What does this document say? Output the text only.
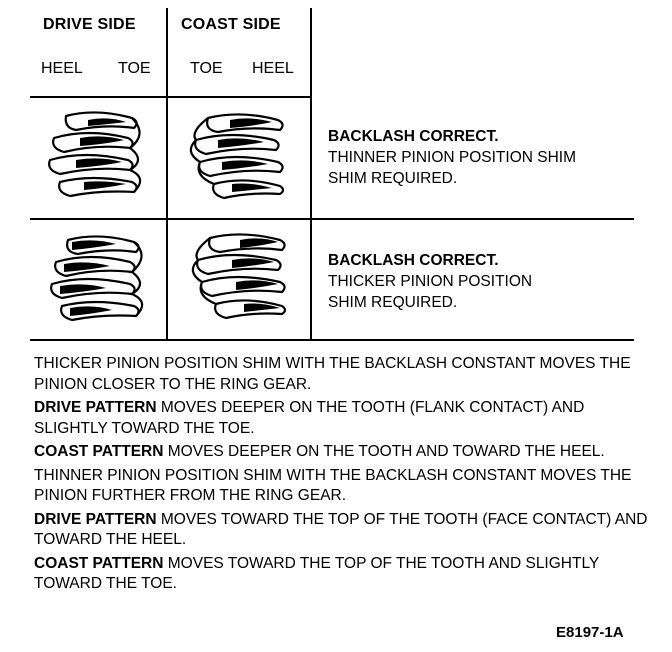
DRIVE SIDE	COAST SIDE
HEEL TOE TOE HEEL
BACKLASH CORRECT.
THINNER PINION POSITION SHIM
SHIM REQUIRED.
BACKLASH CORRECT.
THICKER PINION POSITION
SHIM REQUIRED.

THICKER PINION POSITION SHIM WITH THE BACKLASH CONSTANT MOVES THE PINION CLOSER TO THE RING GEAR.

DRIVE PATTERN MOVES DEEPER ON THE TOOTH (FLANK CONTACT) AND SLIGHTLY TOWARD THE TOE.

COAST PATTERN MOVES DEEPER ON THE TOOTH AND TOWARD THE HEEL.

THINNER PINION POSITION SHIM WITH THE BACKLASH CONSTANT MOVES THE PINION FURTHER FROM THE RING GEAR.

DRIVE PATTERN MOVES TOWARD THE TOP OF THE TOOTH (FACE CONTACT) AND TOWARD THE HEEL.

COAST PATTERN MOVES TOWARD THE TOP OF THE TOOTH AND SLIGHTLY TOWARD THE TOE.

E8197-1A
